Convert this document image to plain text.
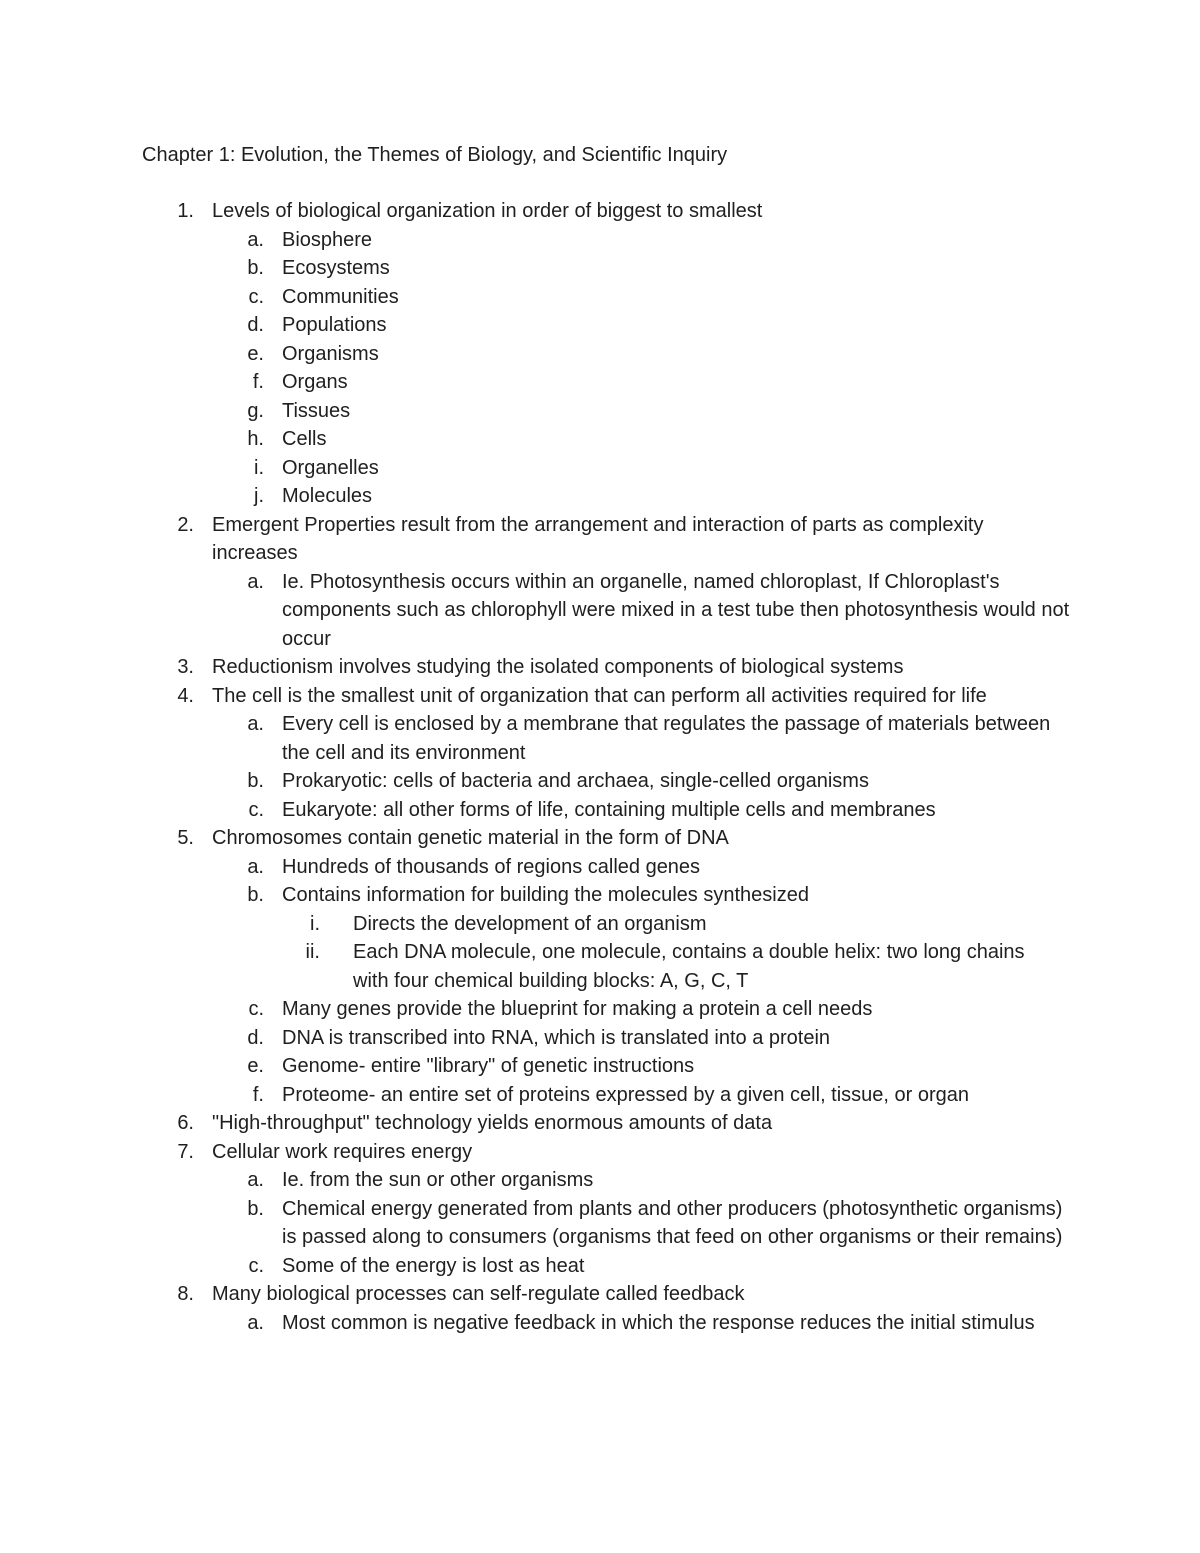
Chapter 1: Evolution, the Themes of Biology, and Scientific Inquiry
1. Levels of biological organization in order of biggest to smallest
a. Biosphere
b. Ecosystems
c. Communities
d. Populations
e. Organisms
f. Organs
g. Tissues
h. Cells
i. Organelles
j. Molecules
2. Emergent Properties result from the arrangement and interaction of parts as complexity increases
a. Ie. Photosynthesis occurs within an organelle, named chloroplast, If Chloroplast's components such as chlorophyll were mixed in a test tube then photosynthesis would not occur
3. Reductionism involves studying the isolated components of biological systems
4. The cell is the smallest unit of organization that can perform all activities required for life
a. Every cell is enclosed by a membrane that regulates the passage of materials between the cell and its environment
b. Prokaryotic: cells of bacteria and archaea, single-celled organisms
c. Eukaryote: all other forms of life, containing multiple cells and membranes
5. Chromosomes contain genetic material in the form of DNA
a. Hundreds of thousands of regions called genes
b. Contains information for building the molecules synthesized
i. Directs the development of an organism
ii. Each DNA molecule, one molecule, contains a double helix: two long chains with four chemical building blocks: A, G, C, T
c. Many genes provide the blueprint for making a protein a cell needs
d. DNA is transcribed into RNA, which is translated into a protein
e. Genome- entire "library" of genetic instructions
f. Proteome- an entire set of proteins expressed by a given cell, tissue, or organ
6. "High-throughput" technology yields enormous amounts of data
7. Cellular work requires energy
a. Ie. from the sun or other organisms
b. Chemical energy generated from plants and other producers (photosynthetic organisms) is passed along to consumers (organisms that feed on other organisms or their remains)
c. Some of the energy is lost as heat
8. Many biological processes can self-regulate called feedback
a. Most common is negative feedback in which the response reduces the initial stimulus
